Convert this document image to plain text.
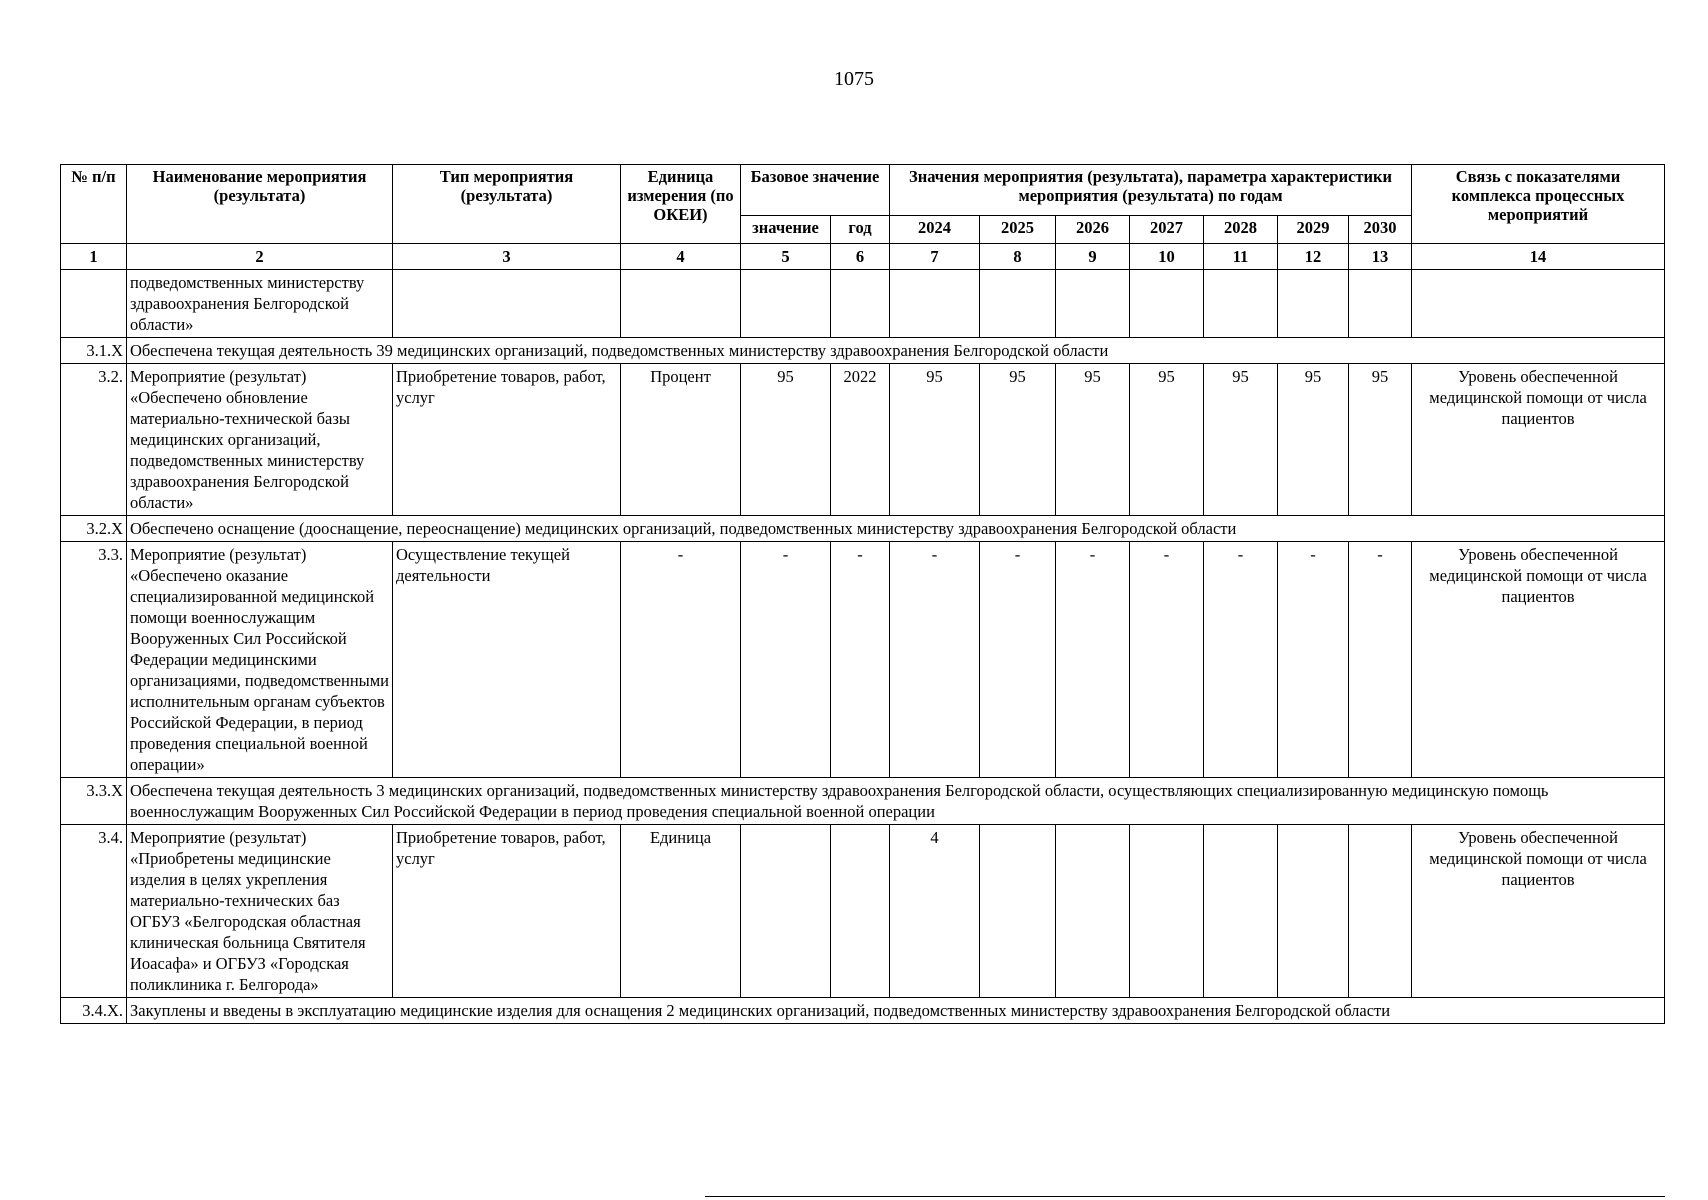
1075
№ п/п	Наименование мероприятия (результата)	Тип мероприятия (результата)	Единица измерения (по ОКЕИ)	Базовое значение		Значения мероприятия (результата), параметра характеристики мероприятия (результата) по годам							Связь с показателями комплекса процессных мероприятий
				значение	год	2024	2025	2026	2027	2028	2029	2030	
1	2	3	4	5	6	7	8	9	10	11	12	13	14
	подведомственных министерству здравоохранения Белгородской области»												
3.1.X	Обеспечена текущая деятельность 39 медицинских организаций, подведомственных министерству здравоохранения Белгородской области												
3.2.	Мероприятие (результат) «Обеспечено обновление материально-технической базы медицинских организаций, подведомственных министерству здравоохранения Белгородской области»	Приобретение товаров, работ, услуг	Процент	95	2022	95	95	95	95	95	95	95	Уровень обеспеченной медицинской помощи от числа пациентов
3.2.X	Обеспечено оснащение (дооснащение, переоснащение) медицинских организаций, подведомственных министерству здравоохранения Белгородской области												
3.3.	Мероприятие (результат) «Обеспечено оказание специализированной медицинской помощи военнослужащим Вооруженных Сил Российской Федерации медицинскими организациями, подведомственными исполнительным органам субъектов Российской Федерации, в период проведения специальной военной операции»	Осуществление текущей деятельности	-	-	-	-	-	-	-	-	-	-	Уровень обеспеченной медицинской помощи от числа пациентов
3.3.X	Обеспечена текущая деятельность 3 медицинских организаций, подведомственных министерству здравоохранения Белгородской области, осуществляющих специализированную медицинскую помощь военнослужащим Вооруженных Сил Российской Федерации в период проведения специальной военной операции												
3.4.	Мероприятие (результат) «Приобретены медицинские изделия в целях укрепления материально-технических баз ОГБУЗ «Белгородская областная клиническая больница Святителя Иоасафа» и ОГБУЗ «Городская поликлиника г. Белгорода»	Приобретение товаров, работ, услуг	Единица			4							Уровень обеспеченной медицинской помощи от числа пациентов
3.4.X.	Закуплены и введены в эксплуатацию медицинские изделия для оснащения 2 медицинских организаций, подведомственных министерству здравоохранения Белгородской области												
